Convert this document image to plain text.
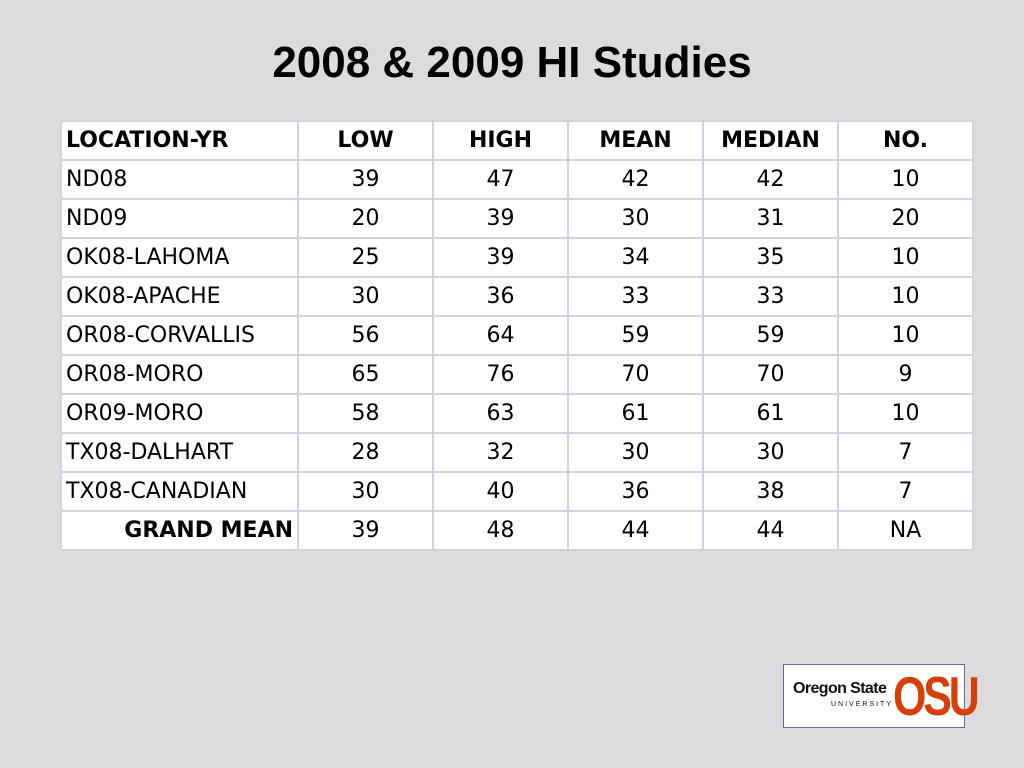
2008 & 2009 HI Studies
LOCATION-YR	LOW	HIGH	MEAN	MEDIAN	NO.
ND08	39	47	42	42	10
ND09	20	39	30	31	20
OK08-LAHOMA	25	39	34	35	10
OK08-APACHE	30	36	33	33	10
OR08-CORVALLIS	56	64	59	59	10
OR08-MORO	65	76	70	70	9
OR09-MORO	58	63	61	61	10
TX08-DALHART	28	32	30	30	7
TX08-CANADIAN	30	40	36	38	7
GRAND MEAN	39	48	44	44	NA
Oregon State
UNIVERSITY OSU
